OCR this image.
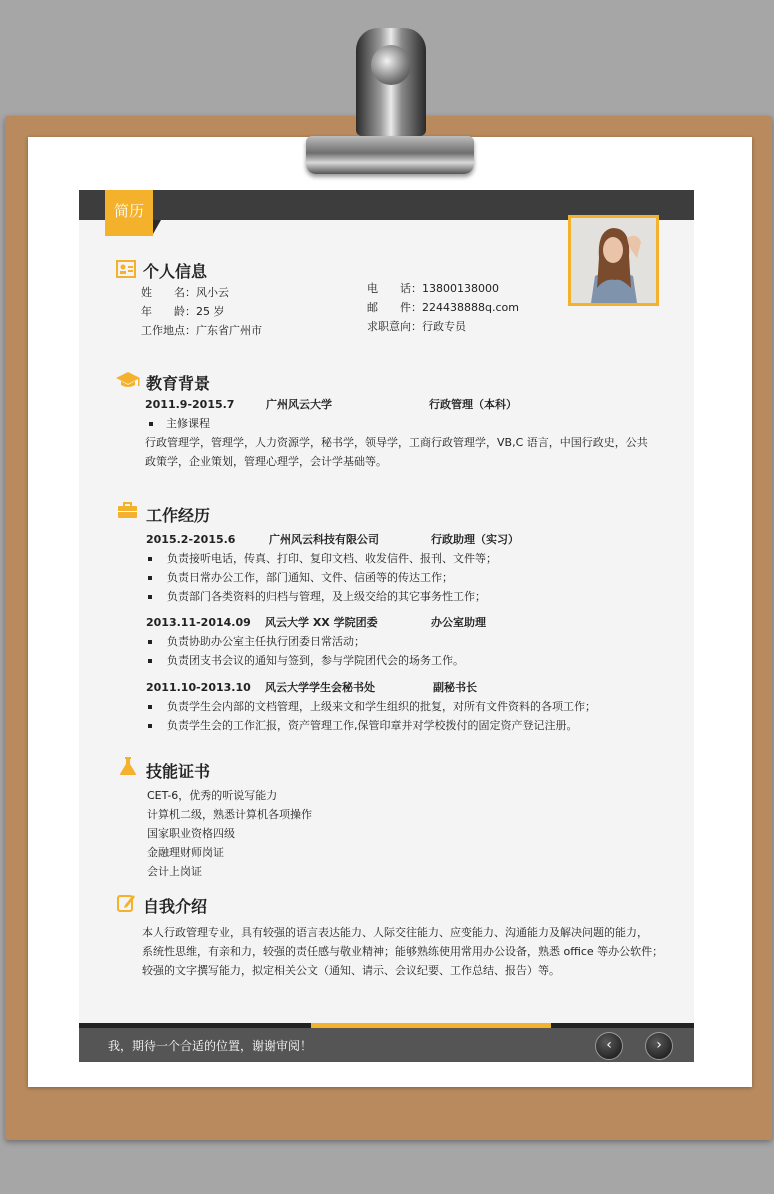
简历
个人信息
姓　　名：风小云
年　　龄：25 岁
工作地点：广东省广州市
电　　话：13800138000
邮　　件：224438888q.com
求职意向：行政专员
教育背景
2011.9-2015.7	广州风云大学	行政管理（本科）
主修课程
行政管理学，管理学，人力资源学，秘书学，领导学，工商行政管理学，VB,C 语言，中国行政史，公共
政策学，企业策划，管理心理学，会计学基础等。
工作经历
2015.2-2015.6	广州风云科技有限公司	行政助理（实习）
负责接听电话，传真、打印、复印文档、收发信件、报刊、文件等；
负责日常办公工作，部门通知、文件、信函等的传达工作；
负责部门各类资料的归档与管理，及上级交给的其它事务性工作；
2013.11-2014.09 风云大学 XX 学院团委	办公室助理
负责协助办公室主任执行团委日常活动；
负责团支书会议的通知与签到，参与学院团代会的场务工作。
2011.10-2013.10 风云大学学生会秘书处	副秘书长
负责学生会内部的文档管理，上级来文和学生组织的批复，对所有文件资料的各项工作；
负责学生会的工作汇报，资产管理工作,保管印章并对学校拨付的固定资产登记注册。
技能证书
CET-6，优秀的听说写能力
计算机二级，熟悉计算机各项操作
国家职业资格四级
金融理财师岗证
会计上岗证
自我介绍
本人行政管理专业，具有较强的语言表达能力、人际交往能力、应变能力、沟通能力及解决问题的能力，
系统性思维，有亲和力，较强的责任感与敬业精神；能够熟练使用常用办公设备，熟悉 office 等办公软件；
较强的文字撰写能力，拟定相关公文（通知、请示、会议纪要、工作总结、报告）等。
我，期待一个合适的位置，谢谢审阅！	‹	›
